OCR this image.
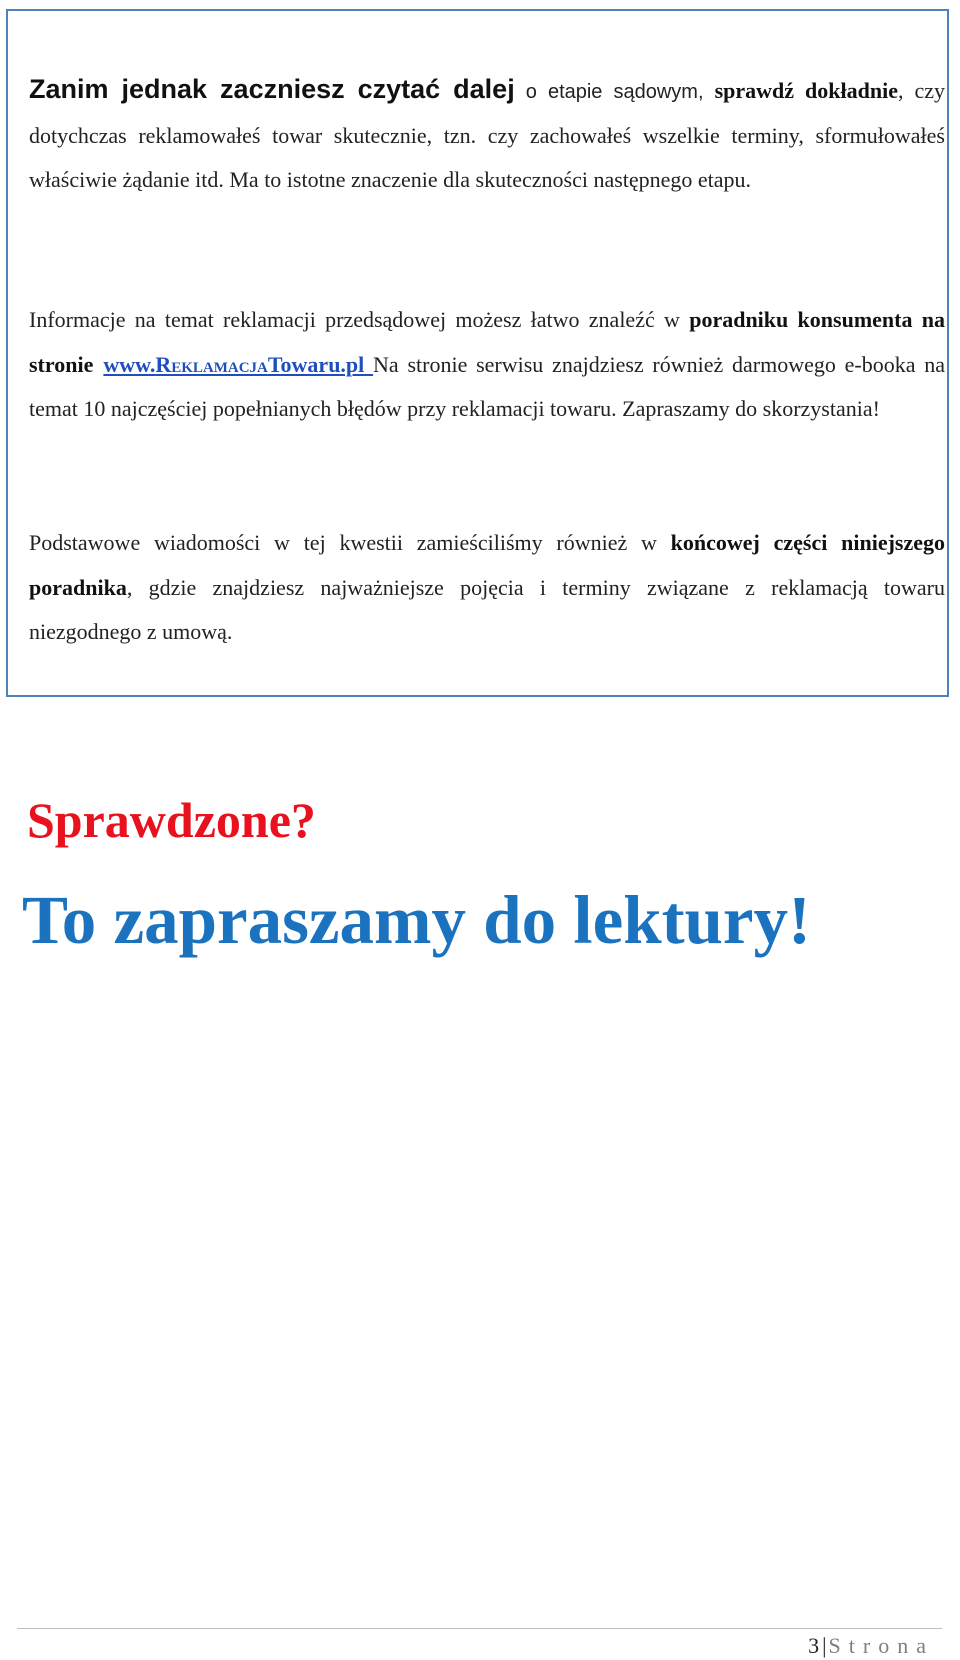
Zanim jednak zaczniesz czytać dalej o etapie sądowym, sprawdź dokładnie, czy dotychczas reklamowałeś towar skutecznie, tzn. czy zachowałeś wszelkie terminy, sformułowałeś właściwie żądanie itd. Ma to istotne znaczenie dla skuteczności następnego etapu.

Informacje na temat reklamacji przedsądowej możesz łatwo znaleźć w poradniku konsumenta na stronie www.ReklamacjaTowaru.pl Na stronie serwisu znajdziesz również darmowego e-booka na temat 10 najczęściej popełnianych błędów przy reklamacji towaru. Zapraszamy do skorzystania!

Podstawowe wiadomości w tej kwestii zamieściliśmy również w końcowej części niniejszego poradnika, gdzie znajdziesz najważniejsze pojęcia i terminy związane z reklamacją towaru niezgodnego z umową.

Sprawdzone?
To zapraszamy do lektury!
3 |Strona
